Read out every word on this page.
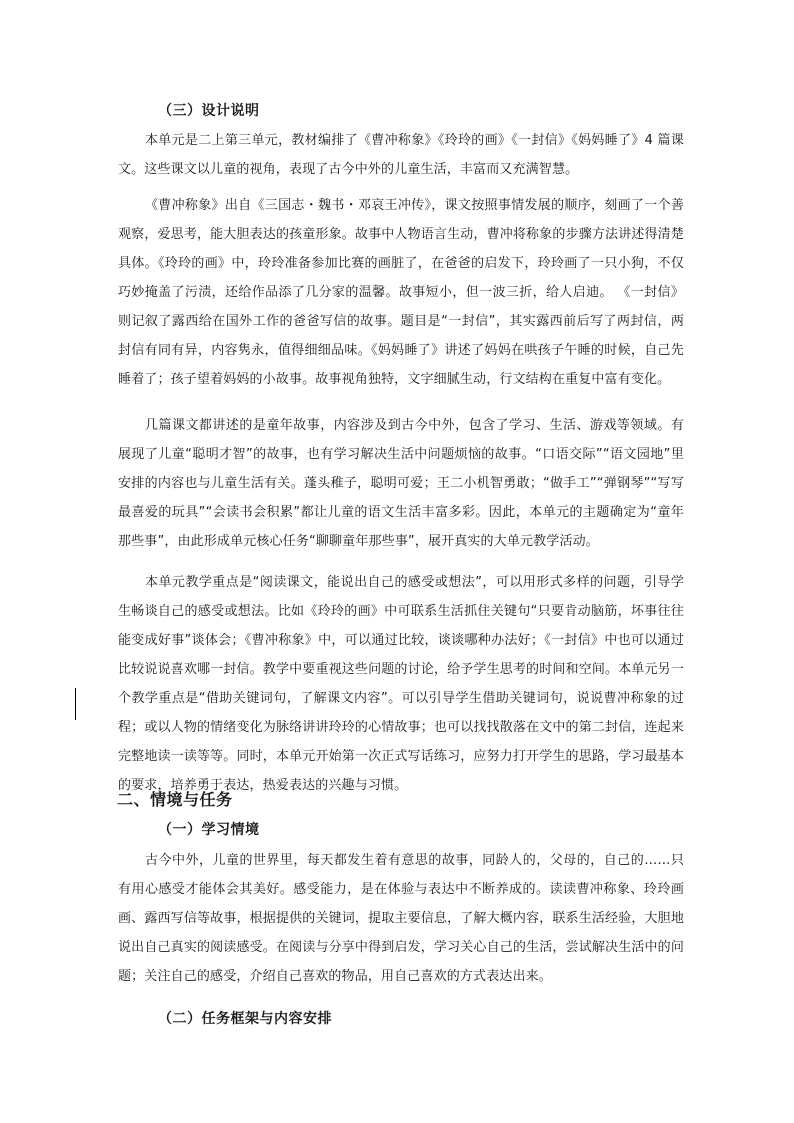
（三）设计说明

本单元是二上第三单元，教材编排了《曹冲称象》《玲玲的画》《一封信》《妈妈睡了》4 篇课文。这些课文以儿童的视角，表现了古今中外的儿童生活，丰富而又充满智慧。

《曹冲称象》出自《三国志・魏书・邓哀王冲传》，课文按照事情发展的顺序，刻画了一个善观察，爱思考，能大胆表达的孩童形象。故事中人物语言生动，曹冲将称象的步骤方法讲述得清楚具体。《玲玲的画》中，玲玲准备参加比赛的画脏了，在爸爸的启发下，玲玲画了一只小狗，不仅巧妙掩盖了污渍，还给作品添了几分家的温馨。故事短小，但一波三折，给人启迪。 《一封信》则记叙了露西给在国外工作的爸爸写信的故事。题目是“一封信”，其实露西前后写了两封信，两封信有同有异，内容隽永，值得细细品味。《妈妈睡了》讲述了妈妈在哄孩子午睡的时候，自己先睡着了；孩子望着妈妈的小故事。故事视角独特，文字细腻生动，行文结构在重复中富有变化。

几篇课文都讲述的是童年故事，内容涉及到古今中外，包含了学习、生活、游戏等领域。有展现了儿童“聪明才智”的故事，也有学习解决生活中问题烦恼的故事。“口语交际”“语文园地”里安排的内容也与儿童生活有关。蓬头稚子，聪明可爱；王二小机智勇敢；“做手工”“弹钢琴”“写写最喜爱的玩具”“会读书会积累”都让儿童的语文生活丰富多彩。因此，本单元的主题确定为“童年那些事”，由此形成单元核心任务“聊聊童年那些事”，展开真实的大单元教学活动。

本单元教学重点是“阅读课文，能说出自己的感受或想法”，可以用形式多样的问题，引导学生畅谈自己的感受或想法。比如《玲玲的画》中可联系生活抓住关键句“只要肯动脑筋，坏事往往能变成好事”谈体会；《曹冲称象》中，可以通过比较，谈谈哪种办法好；《一封信》中也可以通过比较说说喜欢哪一封信。教学中要重视这些问题的讨论，给予学生思考的时间和空间。本单元另一个教学重点是“借助关键词句，了解课文内容”。可以引导学生借助关键词句，说说曹冲称象的过程；或以人物的情绪变化为脉络讲讲玲玲的心情故事；也可以找找散落在文中的第二封信，连起来完整地读一读等等。同时，本单元开始第一次正式写话练习，应努力打开学生的思路，学习最基本的要求，培养勇于表达，热爱表达的兴趣与习惯。

二、情境与任务
（一）学习情境

古今中外，儿童的世界里，每天都发生着有意思的故事，同龄人的，父母的，自己的……只有用心感受才能体会其美好。感受能力，是在体验与表达中不断养成的。读读曹冲称象、玲玲画画、露西写信等故事，根据提供的关键词，提取主要信息，了解大概内容，联系生活经验，大胆地说出自己真实的阅读感受。在阅读与分享中得到启发，学习关心自己的生活，尝试解决生活中的问题；关注自己的感受，介绍自己喜欢的物品，用自己喜欢的方式表达出来。

（二）任务框架与内容安排
